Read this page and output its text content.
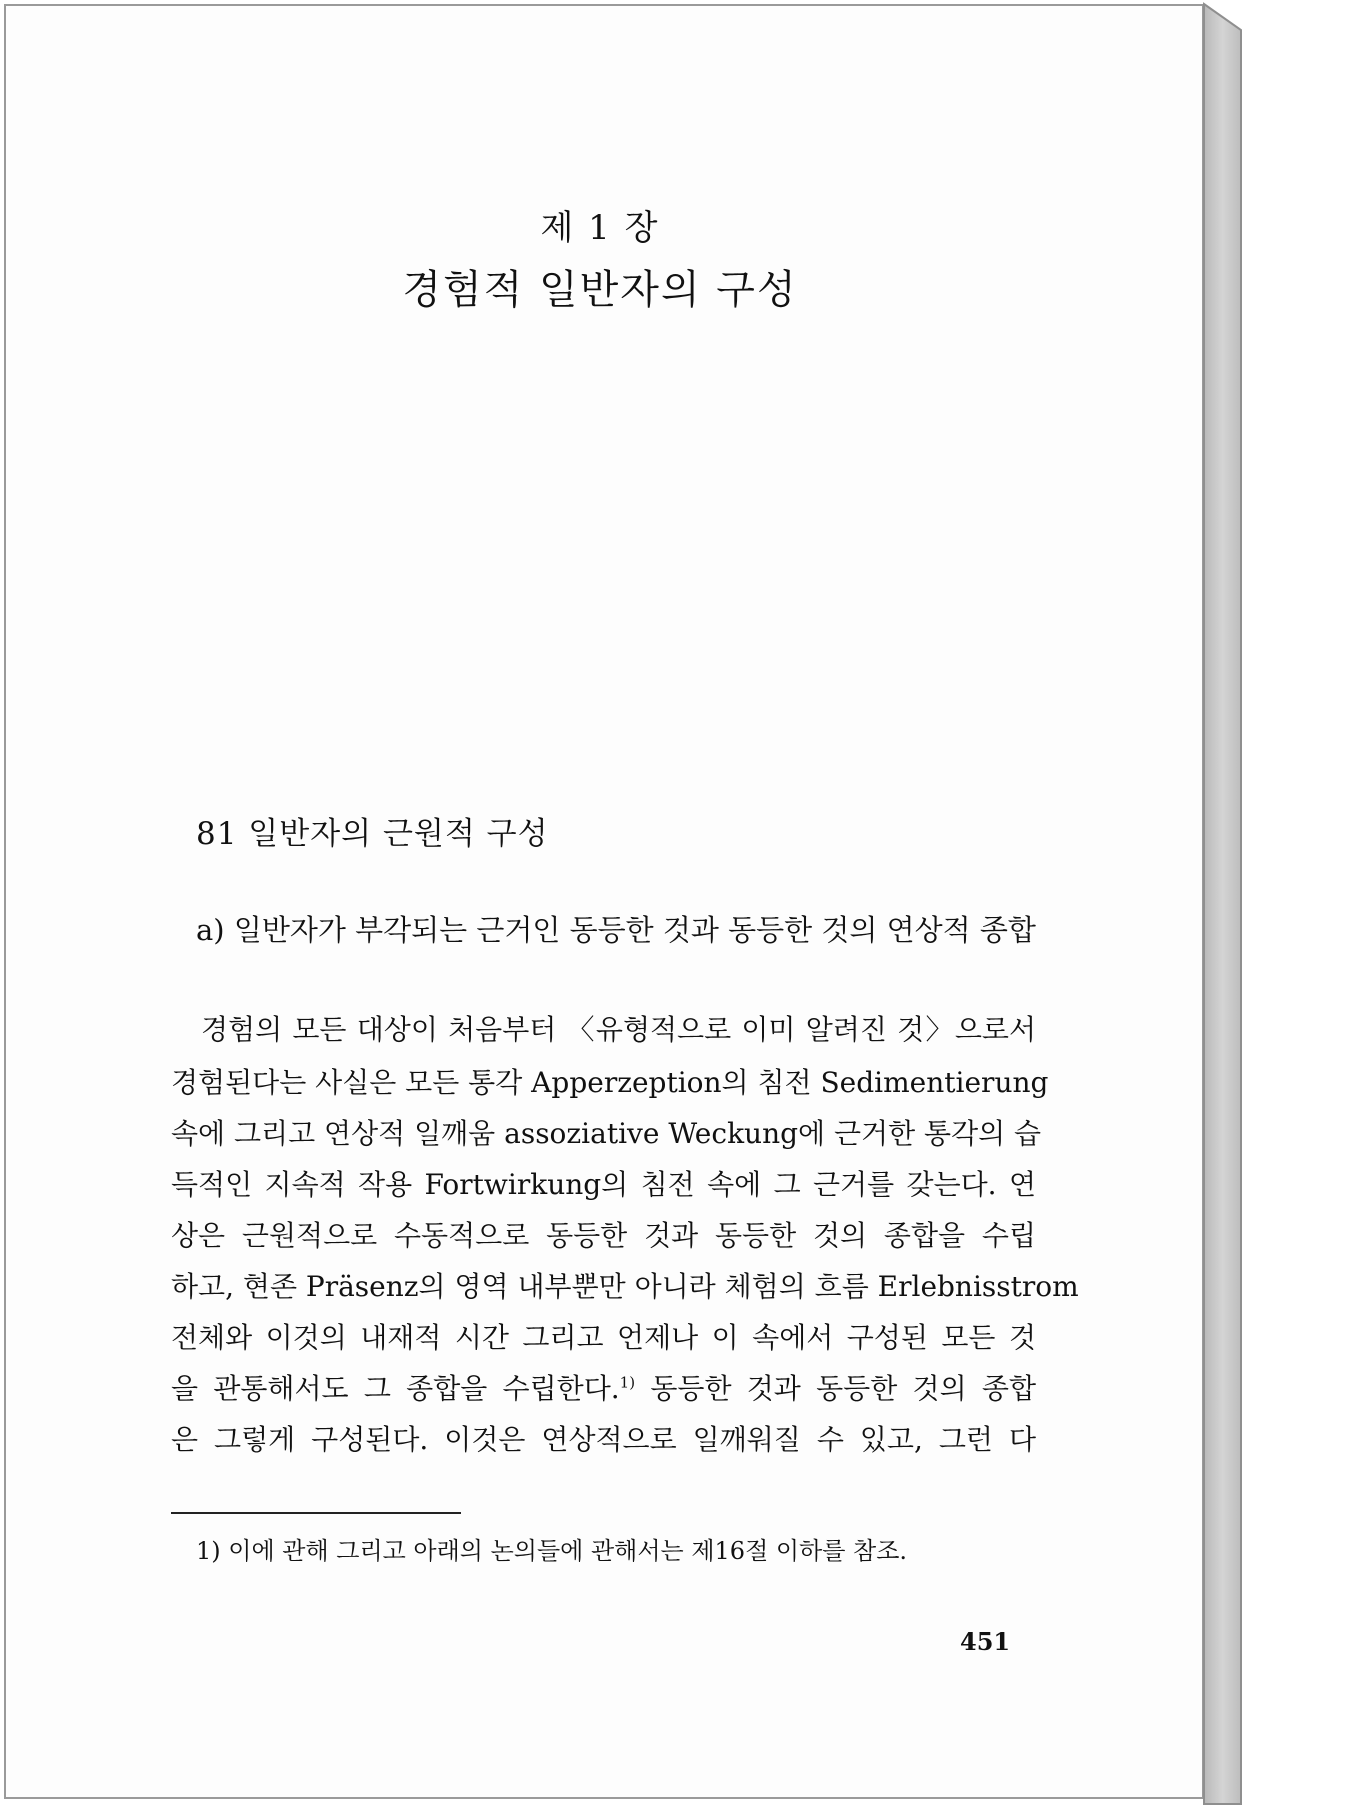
제 1 장
경험적 일반자의 구성
81 일반자의 근원적 구성
a) 일반자가 부각되는 근거인 동등한 것과 동등한 것의 연상적 종합
경험의 모든 대상이 처음부터 〈유형적으로 이미 알려진 것〉으로서
경험된다는 사실은 모든 통각 Apperzeption의 침전 Sedimentierung
속에 그리고 연상적 일깨움 assoziative Weckung에 근거한 통각의 습
득적인 지속적 작용 Fortwirkung의 침전 속에 그 근거를 갖는다. 연
상은 근원적으로 수동적으로 동등한 것과 동등한 것의 종합을 수립
하고, 현존 Präsenz의 영역 내부뿐만 아니라 체험의 흐름 Erlebnisstrom
전체와 이것의 내재적 시간 그리고 언제나 이 속에서 구성된 모든 것
을 관통해서도 그 종합을 수립한다.$^{1)}$ 동등한 것과 동등한 것의 종합
은 그렇게 구성된다. 이것은 연상적으로 일깨워질 수 있고, 그런 다
1) 이에 관해 그리고 아래의 논의들에 관해서는 제16절 이하를 참조.
451
